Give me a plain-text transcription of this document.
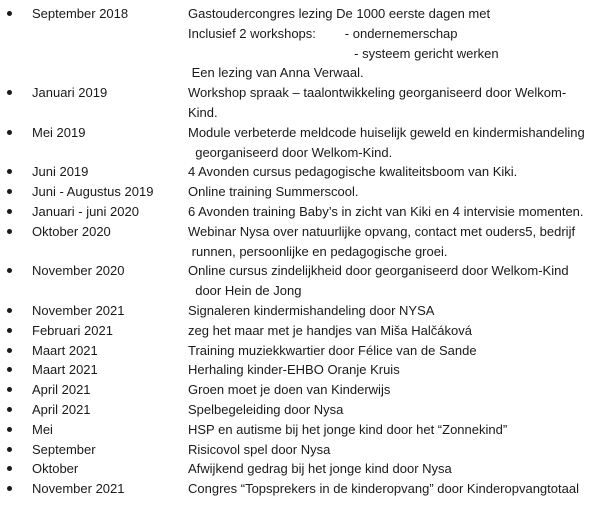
September 2018	Gastoudercongres lezing De 1000 eerste dagen met
Inclusief 2 workshops:        - ondernemerschap
- systeem gericht werken
Een lezing van Anna Verwaal.
Januari 2019	Workshop spraak – taalontwikkeling georganiseerd door Welkom-
Kind.
Mei 2019	Module verbeterde meldcode huiselijk geweld en kindermishandeling
georganiseerd door Welkom-Kind.
Juni 2019	4 Avonden cursus pedagogische kwaliteitsboom van Kiki.
Juni - Augustus 2019	Online training Summerscool.
Januari - juni 2020	6 Avonden training Baby’s in zicht van Kiki en 4 intervisie momenten.
Oktober 2020	Webinar Nysa over natuurlijke opvang, contact met ouders5, bedrijf
runnen, persoonlijke en pedagogische groei.
November 2020	Online cursus zindelijkheid door georganiseerd door Welkom-Kind
door Hein de Jong
November 2021	Signaleren kindermishandeling door NYSA
Februari 2021	zeg het maar met je handjes van Miša Halčáková
Maart 2021	Training muziekkwartier door Félice van de Sande
Maart 2021	Herhaling kinder-EHBO Oranje Kruis
April 2021	Groen moet je doen van Kinderwijs
April 2021	Spelbegeleiding door Nysa
Mei	HSP en autisme bij het jonge kind door het “Zonnekind”
September	Risicovol spel door Nysa
Oktober	Afwijkend gedrag bij het jonge kind door Nysa
November 2021	Congres “Topsprekers in de kinderopvang” door Kinderopvangtotaal
